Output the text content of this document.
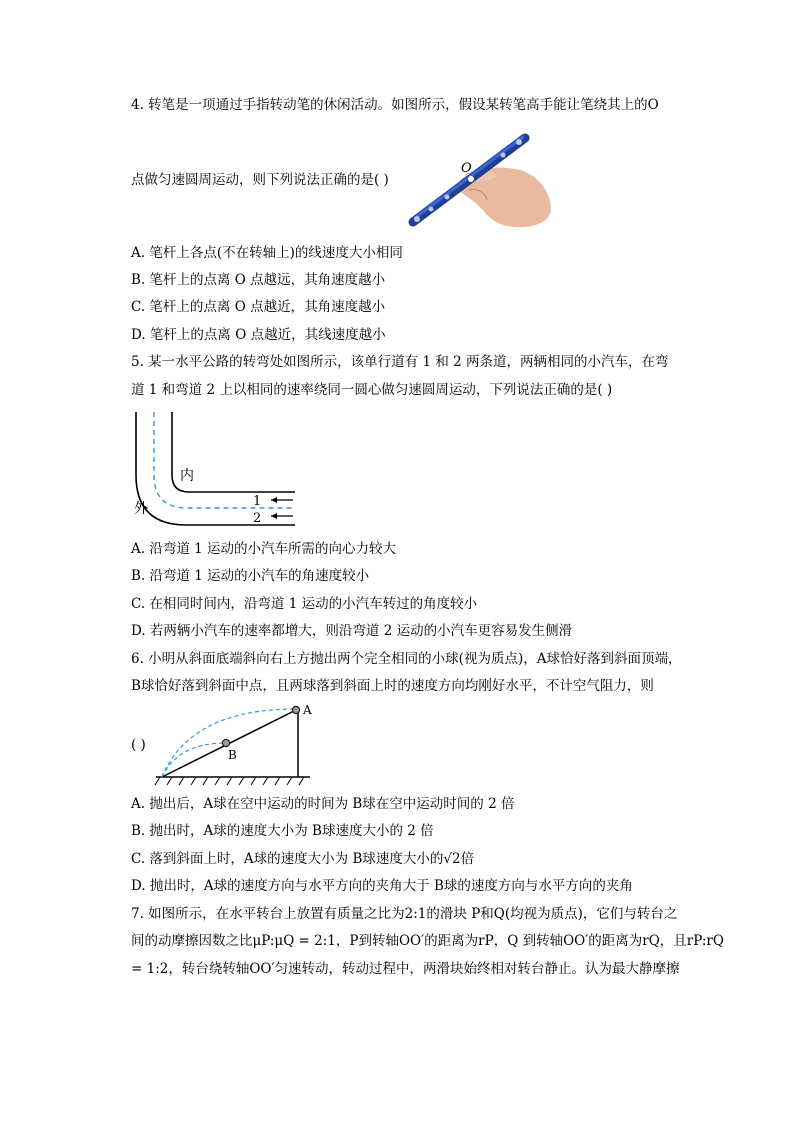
4. 转笔是一项通过手指转动笔的休闲活动。如图所示，假设某转笔高手能让笔绕其上的O
O
点做匀速圆周运动，则下列说法正确的是( )
A. 笔杆上各点(不在转轴上)的线速度大小相同
B. 笔杆上的点离 O 点越远，其角速度越小
C. 笔杆上的点离 O 点越近，其角速度越小
D. 笔杆上的点离 O 点越近，其线速度越小
5. 某一水平公路的转弯处如图所示，该单行道有 1 和 2 两条道，两辆相同的小汽车，在弯
道 1 和弯道 2 上以相同的速率绕同一圆心做匀速圆周运动，下列说法正确的是( )
1
2
内
外
A. 沿弯道 1 运动的小汽车所需的向心力较大
B. 沿弯道 1 运动的小汽车的角速度较小
C. 在相同时间内，沿弯道 1 运动的小汽车转过的角度较小
D. 若两辆小汽车的速率都增大，则沿弯道 2 运动的小汽车更容易发生侧滑
6. 小明从斜面底端斜向右上方抛出两个完全相同的小球(视为质点)，A球恰好落到斜面顶端，
B球恰好落到斜面中点，且两球落到斜面上时的速度方向均刚好水平，不计空气阻力，则
( )
A
B
A. 抛出后，A球在空中运动的时间为 B球在空中运动时间的 2 倍
B. 抛出时，A球的速度大小为 B球速度大小的 2 倍
C. 落到斜面上时，A球的速度大小为 B球速度大小的√2倍
D. 抛出时，A球的速度方向与水平方向的夹角大于 B球的速度方向与水平方向的夹角
7. 如图所示，在水平转台上放置有质量之比为2:1的滑块 P和Q(均视为质点)，它们与转台之
间的动摩擦因数之比μP:μQ = 2:1，P到转轴OO′的距离为rP，Q 到转轴OO′的距离为rQ，且rP:rQ
= 1:2，转台绕转轴OO′匀速转动，转动过程中，两滑块始终相对转台静止。认为最大静摩擦
